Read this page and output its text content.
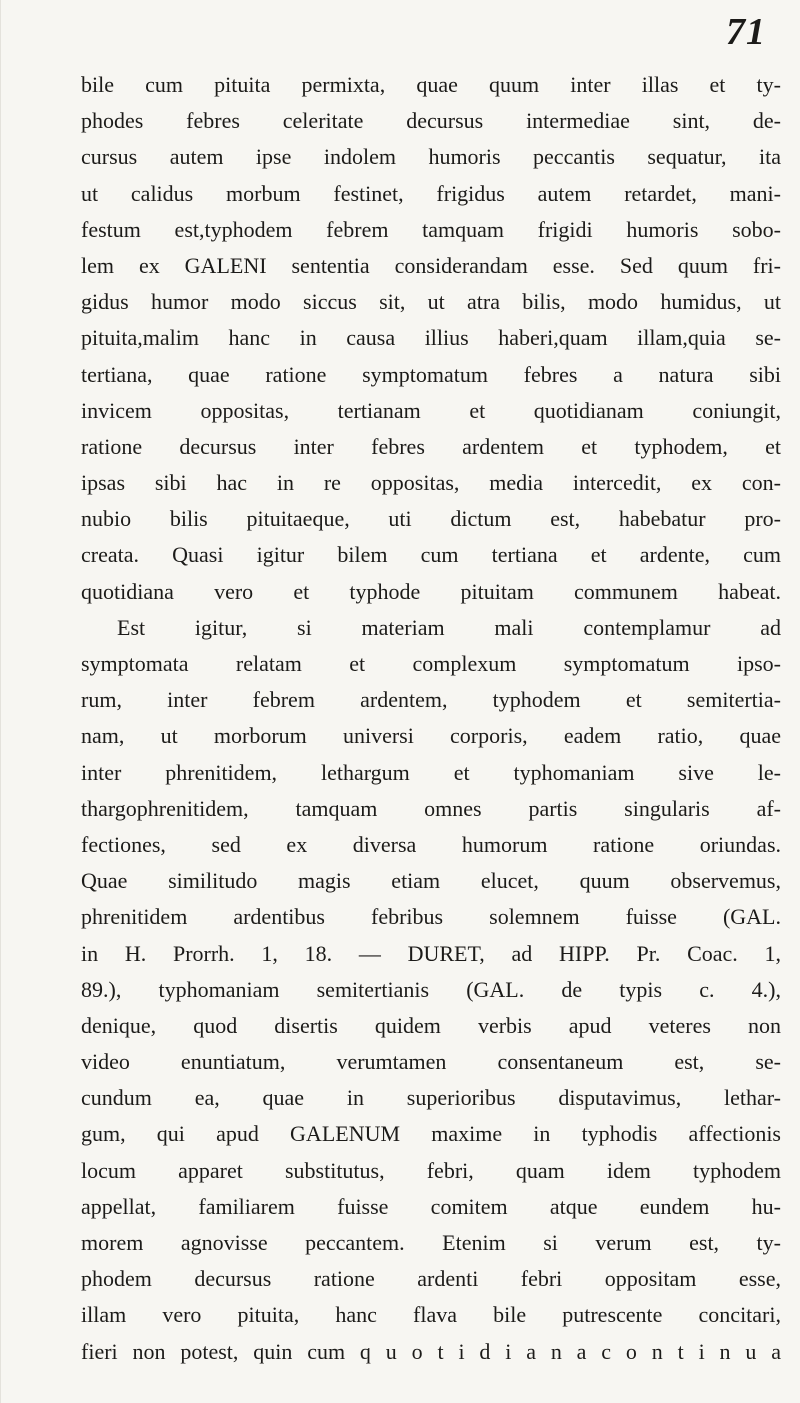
71
bile cum pituita permixta, quae quum inter illas et ty-
phodes febres celeritate decursus intermediae sint, de-
cursus autem ipse indolem humoris peccantis sequatur, ita
ut calidus morbum festinet, frigidus autem retardet, mani-
festum est,typhodem febrem tamquam frigidi humoris sobo-
lem ex GALENI sententia considerandam esse. Sed quum fri-
gidus humor modo siccus sit, ut atra bilis, modo humidus, ut
pituita,malim hanc in causa illius haberi,quam illam,quia se-
tertiana, quae ratione symptomatum febres a natura sibi
invicem oppositas, tertianam et quotidianam coniungit,
ratione decursus inter febres ardentem et typhodem, et
ipsas sibi hac in re oppositas, media intercedit, ex con-
nubio bilis pituitaeque, uti dictum est, habebatur pro-
creata. Quasi igitur bilem cum tertiana et ardente, cum
quotidiana vero et typhode pituitam communem habeat.
Est igitur, si materiam mali contemplamur ad
symptomata relatam et complexum symptomatum ipso-
rum, inter febrem ardentem, typhodem et semitertia-
nam, ut morborum universi corporis, eadem ratio, quae
inter phrenitidem, lethargum et typhomaniam sive le-
thargophrenitidem, tamquam omnes partis singularis af-
fectiones, sed ex diversa humorum ratione oriundas.
Quae similitudo magis etiam elucet, quum observemus,
phrenitidem ardentibus febribus solemnem fuisse (GAL.
in H. Prorrh. 1, 18. — DURET, ad HIPP. Pr. Coac. 1,
89.), typhomaniam semitertianis (GAL. de typis c. 4.),
denique, quod disertis quidem verbis apud veteres non
video enuntiatum, verumtamen consentaneum est, se-
cundum ea, quae in superioribus disputavimus, lethar-
gum, qui apud GALENUM maxime in typhodis affectionis
locum apparet substitutus, febri, quam idem typhodem
appellat, familiarem fuisse comitem atque eundem hu-
morem agnovisse peccantem. Etenim si verum est, ty-
phodem decursus ratione ardenti febri oppositam esse,
illam vero pituita, hanc flava bile putrescente concitari,
fieri non potest, quin cum q u o t i d i a n a c o n t i n u a
